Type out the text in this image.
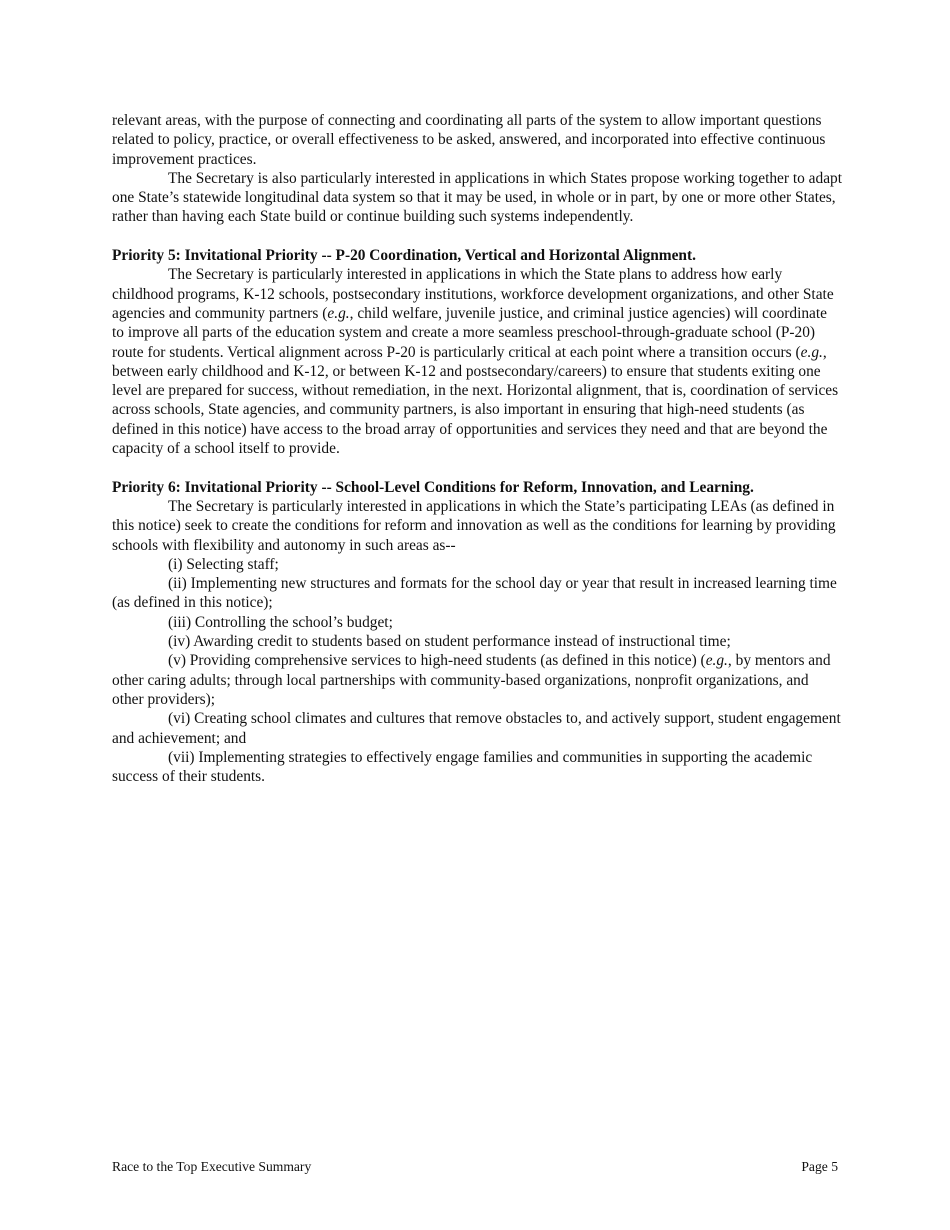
relevant areas, with the purpose of connecting and coordinating all parts of the system to allow important questions related to policy, practice, or overall effectiveness to be asked, answered, and incorporated into effective continuous improvement practices.

The Secretary is also particularly interested in applications in which States propose working together to adapt one State’s statewide longitudinal data system so that it may be used, in whole or in part, by one or more other States, rather than having each State build or continue building such systems independently.

Priority 5: Invitational Priority -- P-20 Coordination, Vertical and Horizontal Alignment.

The Secretary is particularly interested in applications in which the State plans to address how early childhood programs, K-12 schools, postsecondary institutions, workforce development organizations, and other State agencies and community partners (e.g., child welfare, juvenile justice, and criminal justice agencies) will coordinate to improve all parts of the education system and create a more seamless preschool-through-graduate school (P-20) route for students. Vertical alignment across P-20 is particularly critical at each point where a transition occurs (e.g., between early childhood and K-12, or between K-12 and postsecondary/careers) to ensure that students exiting one level are prepared for success, without remediation, in the next. Horizontal alignment, that is, coordination of services across schools, State agencies, and community partners, is also important in ensuring that high-need students (as defined in this notice) have access to the broad array of opportunities and services they need and that are beyond the capacity of a school itself to provide.

Priority 6: Invitational Priority -- School-Level Conditions for Reform, Innovation, and Learning.

The Secretary is particularly interested in applications in which the State’s participating LEAs (as defined in this notice) seek to create the conditions for reform and innovation as well as the conditions for learning by providing schools with flexibility and autonomy in such areas as--

(i) Selecting staff;

(ii) Implementing new structures and formats for the school day or year that result in increased learning time (as defined in this notice);

(iii) Controlling the school’s budget;

(iv) Awarding credit to students based on student performance instead of instructional time;

(v) Providing comprehensive services to high-need students (as defined in this notice) (e.g., by mentors and other caring adults; through local partnerships with community-based organizations, nonprofit organizations, and other providers);

(vi) Creating school climates and cultures that remove obstacles to, and actively support, student engagement and achievement; and

(vii) Implementing strategies to effectively engage families and communities in supporting the academic success of their students.

Race to the Top Executive Summary	Page 5
